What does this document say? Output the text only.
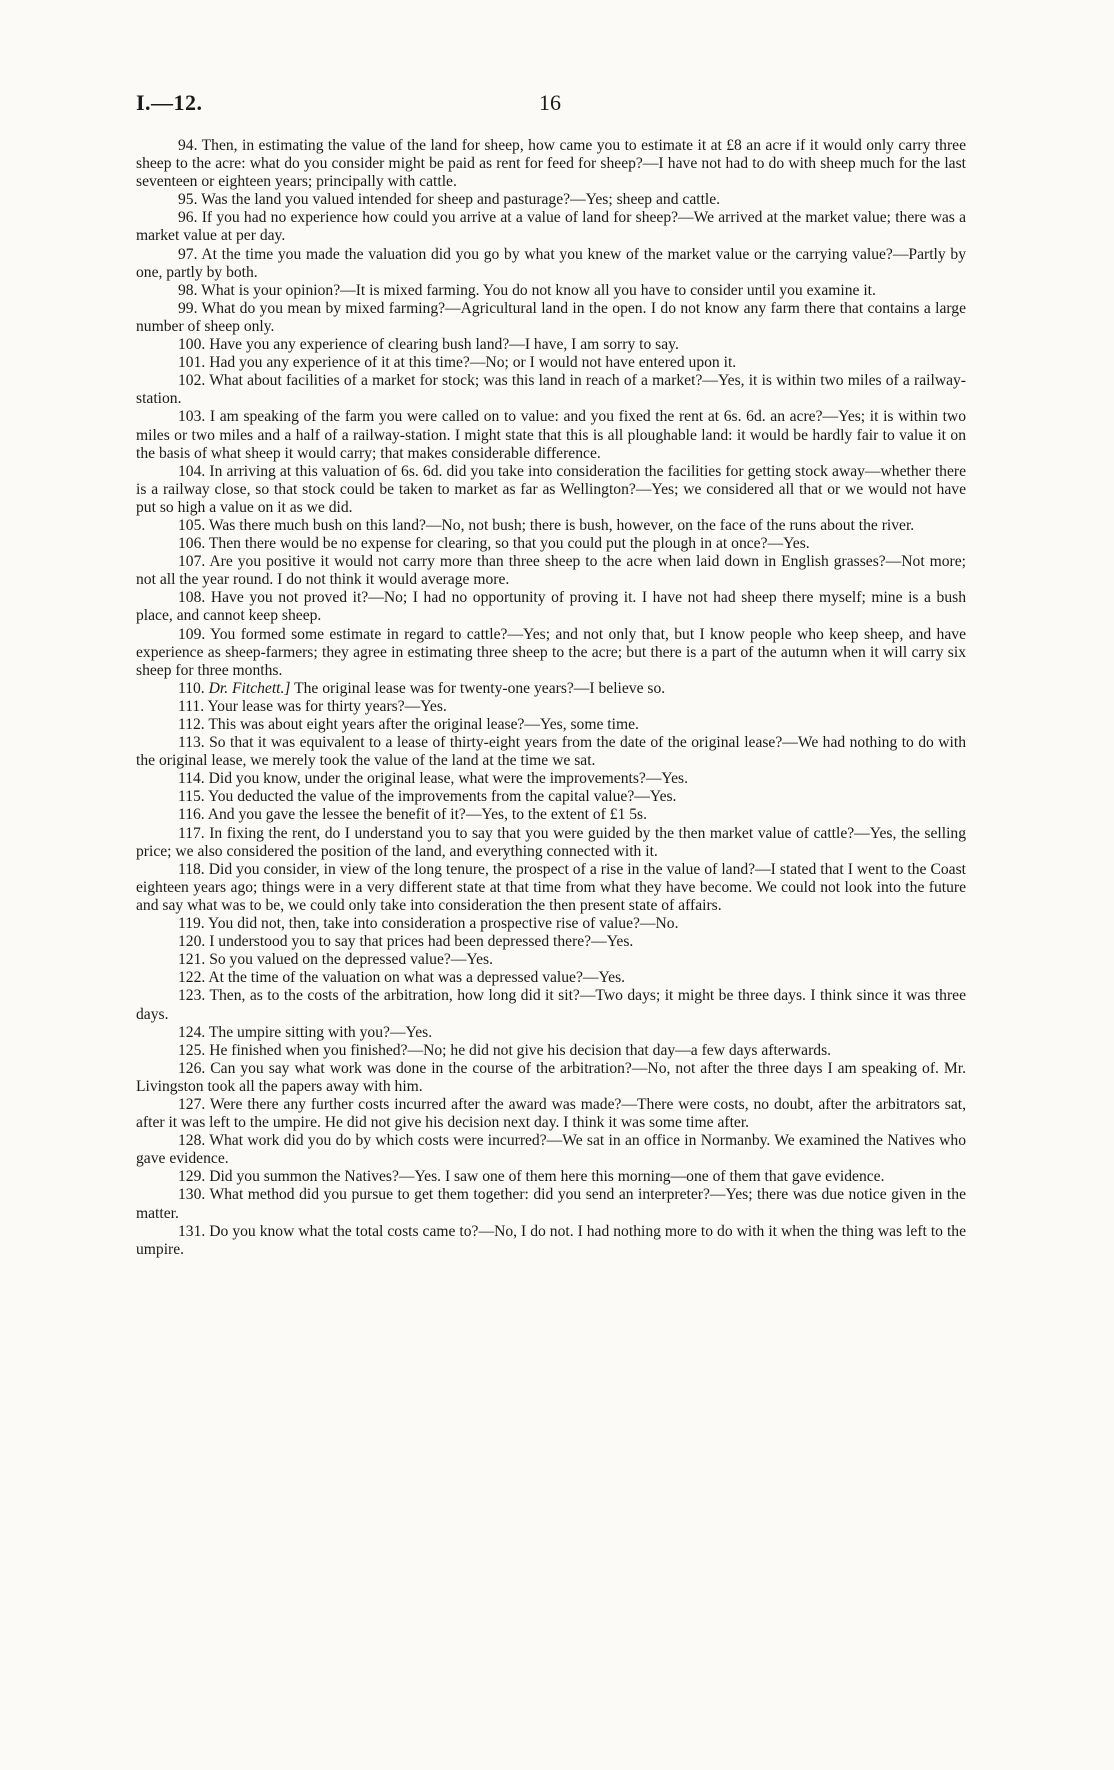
I.—12.	16

94. Then, in estimating the value of the land for sheep, how came you to estimate it at £8 an acre if it would only carry three sheep to the acre: what do you consider might be paid as rent for feed for sheep?—I have not had to do with sheep much for the last seventeen or eighteen years; principally with cattle.

95. Was the land you valued intended for sheep and pasturage?—Yes; sheep and cattle.

96. If you had no experience how could you arrive at a value of land for sheep?—We arrived at the market value; there was a market value at per day.

97. At the time you made the valuation did you go by what you knew of the market value or the carrying value?—Partly by one, partly by both.

98. What is your opinion?—It is mixed farming. You do not know all you have to consider until you examine it.

99. What do you mean by mixed farming?—Agricultural land in the open. I do not know any farm there that contains a large number of sheep only.

100. Have you any experience of clearing bush land?—I have, I am sorry to say.

101. Had you any experience of it at this time?—No; or I would not have entered upon it.

102. What about facilities of a market for stock; was this land in reach of a market?—Yes, it is within two miles of a railway-station.

103. I am speaking of the farm you were called on to value: and you fixed the rent at 6s. 6d. an acre?—Yes; it is within two miles or two miles and a half of a railway-station. I might state that this is all ploughable land: it would be hardly fair to value it on the basis of what sheep it would carry; that makes considerable difference.

104. In arriving at this valuation of 6s. 6d. did you take into consideration the facilities for getting stock away—whether there is a railway close, so that stock could be taken to market as far as Wellington?—Yes; we considered all that or we would not have put so high a value on it as we did.

105. Was there much bush on this land?—No, not bush; there is bush, however, on the face of the runs about the river.

106. Then there would be no expense for clearing, so that you could put the plough in at once?—Yes.

107. Are you positive it would not carry more than three sheep to the acre when laid down in English grasses?—Not more; not all the year round. I do not think it would average more.

108. Have you not proved it?—No; I had no opportunity of proving it. I have not had sheep there myself; mine is a bush place, and cannot keep sheep.

109. You formed some estimate in regard to cattle?—Yes; and not only that, but I know people who keep sheep, and have experience as sheep-farmers; they agree in estimating three sheep to the acre; but there is a part of the autumn when it will carry six sheep for three months.

110. Dr. Fitchett.] The original lease was for twenty-one years?—I believe so.

111. Your lease was for thirty years?—Yes.

112. This was about eight years after the original lease?—Yes, some time.

113. So that it was equivalent to a lease of thirty-eight years from the date of the original lease?—We had nothing to do with the original lease, we merely took the value of the land at the time we sat.

114. Did you know, under the original lease, what were the improvements?—Yes.

115. You deducted the value of the improvements from the capital value?—Yes.

116. And you gave the lessee the benefit of it?—Yes, to the extent of £1 5s.

117. In fixing the rent, do I understand you to say that you were guided by the then market value of cattle?—Yes, the selling price; we also considered the position of the land, and everything connected with it.

118. Did you consider, in view of the long tenure, the prospect of a rise in the value of land?—I stated that I went to the Coast eighteen years ago; things were in a very different state at that time from what they have become. We could not look into the future and say what was to be, we could only take into consideration the then present state of affairs.

119. You did not, then, take into consideration a prospective rise of value?—No.

120. I understood you to say that prices had been depressed there?—Yes.

121. So you valued on the depressed value?—Yes.

122. At the time of the valuation on what was a depressed value?—Yes.

123. Then, as to the costs of the arbitration, how long did it sit?—Two days; it might be three days. I think since it was three days.

124. The umpire sitting with you?—Yes.

125. He finished when you finished?—No; he did not give his decision that day—a few days afterwards.

126. Can you say what work was done in the course of the arbitration?—No, not after the three days I am speaking of. Mr. Livingston took all the papers away with him.

127. Were there any further costs incurred after the award was made?—There were costs, no doubt, after the arbitrators sat, after it was left to the umpire. He did not give his decision next day. I think it was some time after.

128. What work did you do by which costs were incurred?—We sat in an office in Normanby. We examined the Natives who gave evidence.

129. Did you summon the Natives?—Yes. I saw one of them here this morning—one of them that gave evidence.

130. What method did you pursue to get them together: did you send an interpreter?—Yes; there was due notice given in the matter.

131. Do you know what the total costs came to?—No, I do not. I had nothing more to do with it when the thing was left to the umpire.
